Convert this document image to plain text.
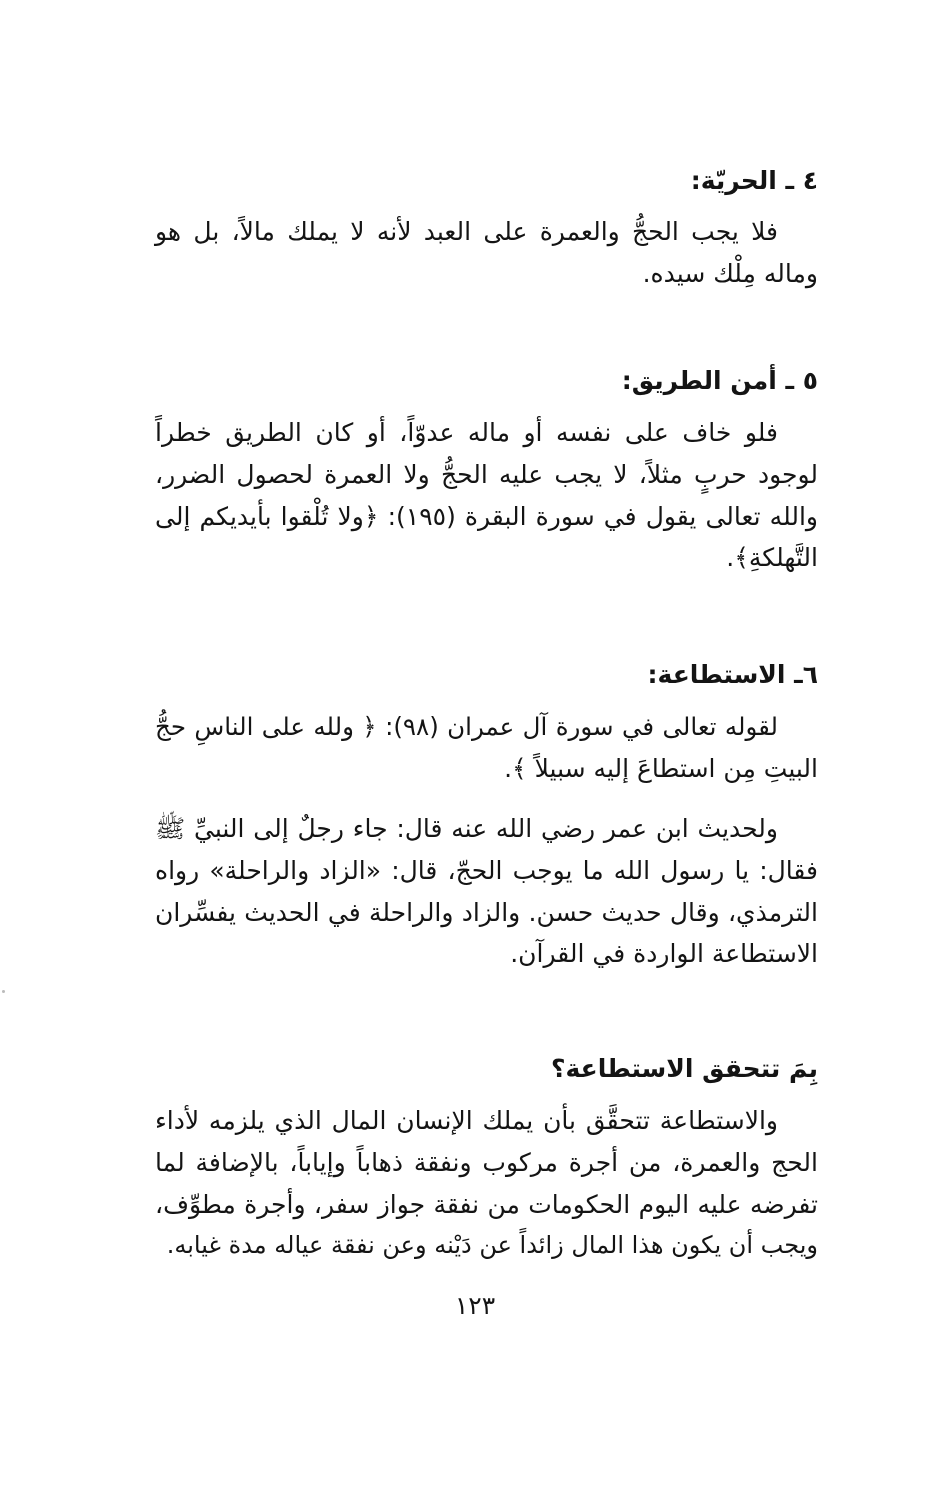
٤ ـ الحريّة:
فلا يجب الحجُّ والعمرة على العبد لأنه لا يملك مالاً، بل هو
وماله مِلْك سيده.
٥ ـ أمن الطريق:
فلو خاف على نفسه أو ماله عدوّاً، أو كان الطريق خطراً
لوجود حربٍ مثلاً، لا يجب عليه الحجُّ ولا العمرة لحصول الضرر،
والله تعالى يقول في سورة البقرة (١٩٥): ﴿ولا تُلْقوا بأيديكم إلى
التَّهلكةِ﴾.
٦ـ الاستطاعة:
لقوله تعالى في سورة آل عمران (٩٨): ﴿ ولله على الناسِ حجُّ
البيتِ مِن استطاعَ إليه سبيلاً ﴾.
ولحديث ابن عمر رضي الله عنه قال: جاء رجلٌ إلى النبيِّ ﷺ
فقال: يا رسول الله ما يوجب الحجّ، قال: «الزاد والراحلة» رواه
الترمذي، وقال حديث حسن. والزاد والراحلة في الحديث يفسِّران
الاستطاعة الواردة في القرآن.
بِمَ تتحقق الاستطاعة؟
والاستطاعة تتحقَّق بأن يملك الإنسان المال الذي يلزمه لأداء
الحج والعمرة، من أجرة مركوب ونفقة ذهاباً وإياباً، بالإضافة لما
تفرضه عليه اليوم الحكومات من نفقة جواز سفر، وأجرة مطوِّف،
ويجب أن يكون هذا المال زائداً عن دَيْنه وعن نفقة عياله مدة غيابه.
١٢٣
